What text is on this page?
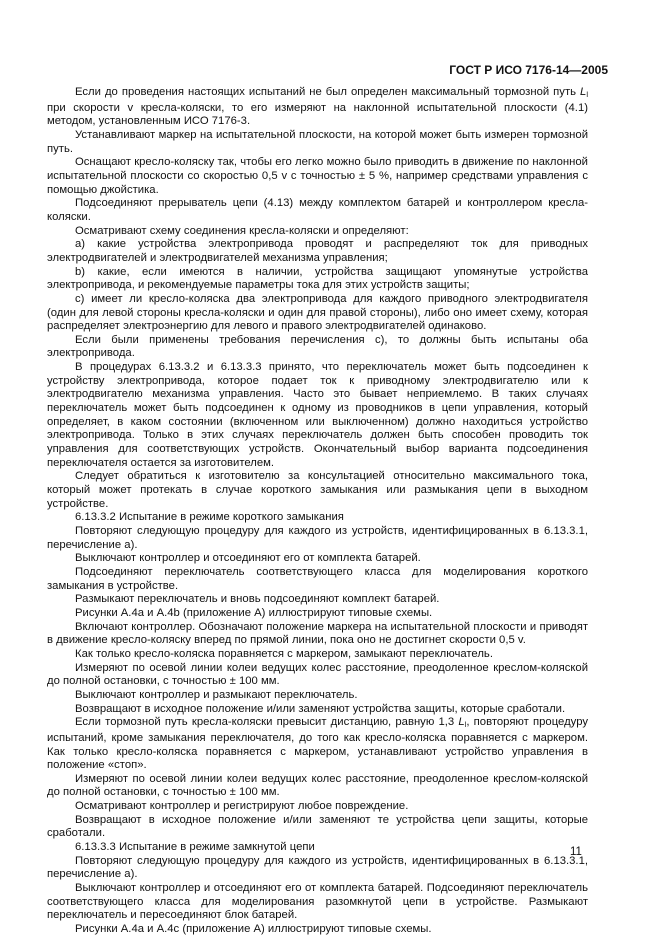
ГОСТ Р ИСО 7176-14—2005

Если до проведения настоящих испытаний не был определен максимальный тормозной путь $L_l$ при скорости v кресла-коляски, то его измеряют на наклонной испытательной плоскости (4.1) методом, установленным ИСО 7176-3.

Устанавливают маркер на испытательной плоскости, на которой может быть измерен тормозной путь.

Оснащают кресло-коляску так, чтобы его легко можно было приводить в движение по наклонной испытательной плоскости со скоростью 0,5 v с точностью ± 5 %, например средствами управления с помощью джойстика.

Подсоединяют прерыватель цепи (4.13) между комплектом батарей и контроллером кресла-коляски.

Осматривают схему соединения кресла-коляски и определяют:

a) какие устройства электропривода проводят и распределяют ток для приводных электродвигателей и электродвигателей механизма управления;

b) какие, если имеются в наличии, устройства защищают упомянутые устройства электропривода, и рекомендуемые параметры тока для этих устройств защиты;

c) имеет ли кресло-коляска два электропривода для каждого приводного электродвигателя (один для левой стороны кресла-коляски и один для правой стороны), либо оно имеет схему, которая распределяет электроэнергию для левого и правого электродвигателей одинаково.

Если были применены требования перечисления с), то должны быть испытаны оба электропривода.

В процедурах 6.13.3.2 и 6.13.3.3 принято, что переключатель может быть подсоединен к устройству электропривода, которое подает ток к приводному электродвигателю или к электродвигателю механизма управления. Часто это бывает неприемлемо. В таких случаях переключатель может быть подсоединен к одному из проводников в цепи управления, который определяет, в каком состоянии (включенном или выключенном) должно находиться устройство электропривода. Только в этих случаях переключатель должен быть способен проводить ток управления для соответствующих устройств. Окончательный выбор варианта подсоединения переключателя остается за изготовителем.

Следует обратиться к изготовителю за консультацией относительно максимального тока, который может протекать в случае короткого замыкания или размыкания цепи в выходном устройстве.

6.13.3.2 Испытание в режиме короткого замыкания

Повторяют следующую процедуру для каждого из устройств, идентифицированных в 6.13.3.1, перечисление а).

Выключают контроллер и отсоединяют его от комплекта батарей.

Подсоединяют переключатель соответствующего класса для моделирования короткого замыкания в устройстве.

Размыкают переключатель и вновь подсоединяют комплект батарей.

Рисунки А.4а и А.4b (приложение А) иллюстрируют типовые схемы.

Включают контроллер. Обозначают положение маркера на испытательной плоскости и приводят в движение кресло-коляску вперед по прямой линии, пока оно не достигнет скорости 0,5 v.

Как только кресло-коляска поравняется с маркером, замыкают переключатель.

Измеряют по осевой линии колеи ведущих колес расстояние, преодоленное креслом-коляской до полной остановки, с точностью ± 100 мм.

Выключают контроллер и размыкают переключатель.

Возвращают в исходное положение и/или заменяют устройства защиты, которые сработали.

Если тормозной путь кресла-коляски превысит дистанцию, равную 1,3 $L_l$, повторяют процедуру испытаний, кроме замыкания переключателя, до того как кресло-коляска поравняется с маркером. Как только кресло-коляска поравняется с маркером, устанавливают устройство управления в положение «стоп».

Измеряют по осевой линии колеи ведущих колес расстояние, преодоленное креслом-коляской до полной остановки, с точностью ± 100 мм.

Осматривают контроллер и регистрируют любое повреждение.

Возвращают в исходное положение и/или заменяют те устройства цепи защиты, которые сработали.

6.13.3.3 Испытание в режиме замкнутой цепи

Повторяют следующую процедуру для каждого из устройств, идентифицированных в 6.13.3.1, перечисление а).

Выключают контроллер и отсоединяют его от комплекта батарей. Подсоединяют переключатель соответствующего класса для моделирования разомкнутой цепи в устройстве. Размыкают переключатель и пересоединяют блок батарей.

Рисунки А.4а и А.4с (приложение А) иллюстрируют типовые схемы.

11
